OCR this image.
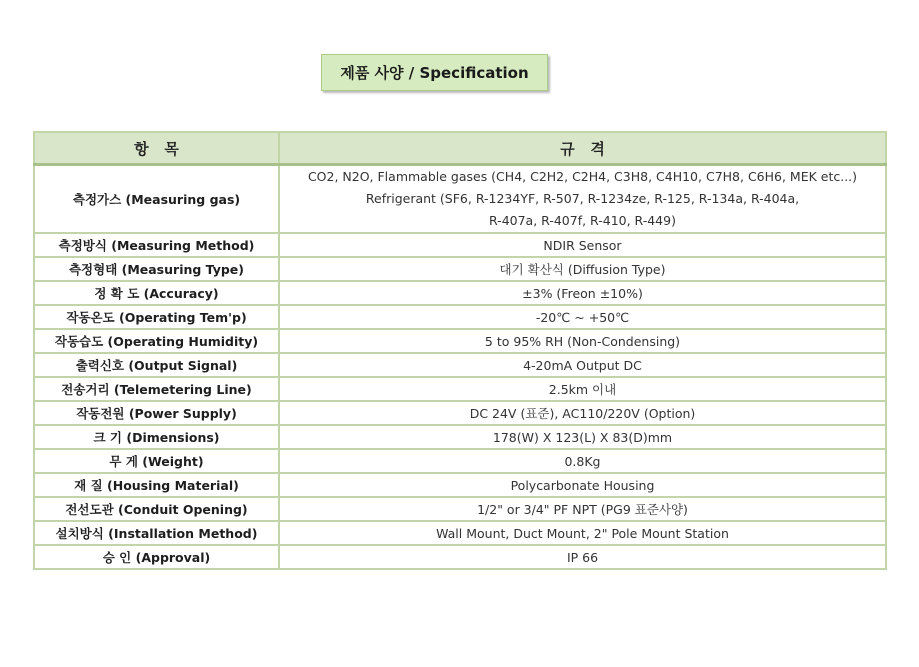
제품 사양 / Specification
항   목	규   격
측정가스 (Measuring gas)	CO2, N2O, Flammable gases (CH4, C2H2, C2H4, C3H8, C4H10, C7H8, C6H6, MEK etc...)
Refrigerant (SF6, R-1234YF, R-507, R-1234ze, R-125, R-134a, R-404a,
R-407a, R-407f, R-410, R-449)

측정방식 (Measuring Method)	NDIR Sensor
측정형태 (Measuring Type)	대기 확산식 (Diffusion Type)
정 확 도 (Accuracy)	±3% (Freon ±10%)
작동온도 (Operating Tem'p)	-20℃ ~ +50℃
작동습도 (Operating Humidity)	5 to 95% RH (Non-Condensing)
출력신호 (Output Signal)	4-20mA Output DC
전송거리 (Telemetering Line)	2.5km 이내
작동전원 (Power Supply)	DC 24V (표준), AC110/220V (Option)
크 기 (Dimensions)	178(W) X 123(L) X 83(D)mm
무 게 (Weight)	0.8Kg
재 질 (Housing Material)	Polycarbonate Housing
전선도관 (Conduit Opening)	1/2" or 3/4" PF NPT (PG9 표준사양)
설치방식 (Installation Method)	Wall Mount, Duct Mount, 2" Pole Mount Station
승 인 (Approval)	IP 66
